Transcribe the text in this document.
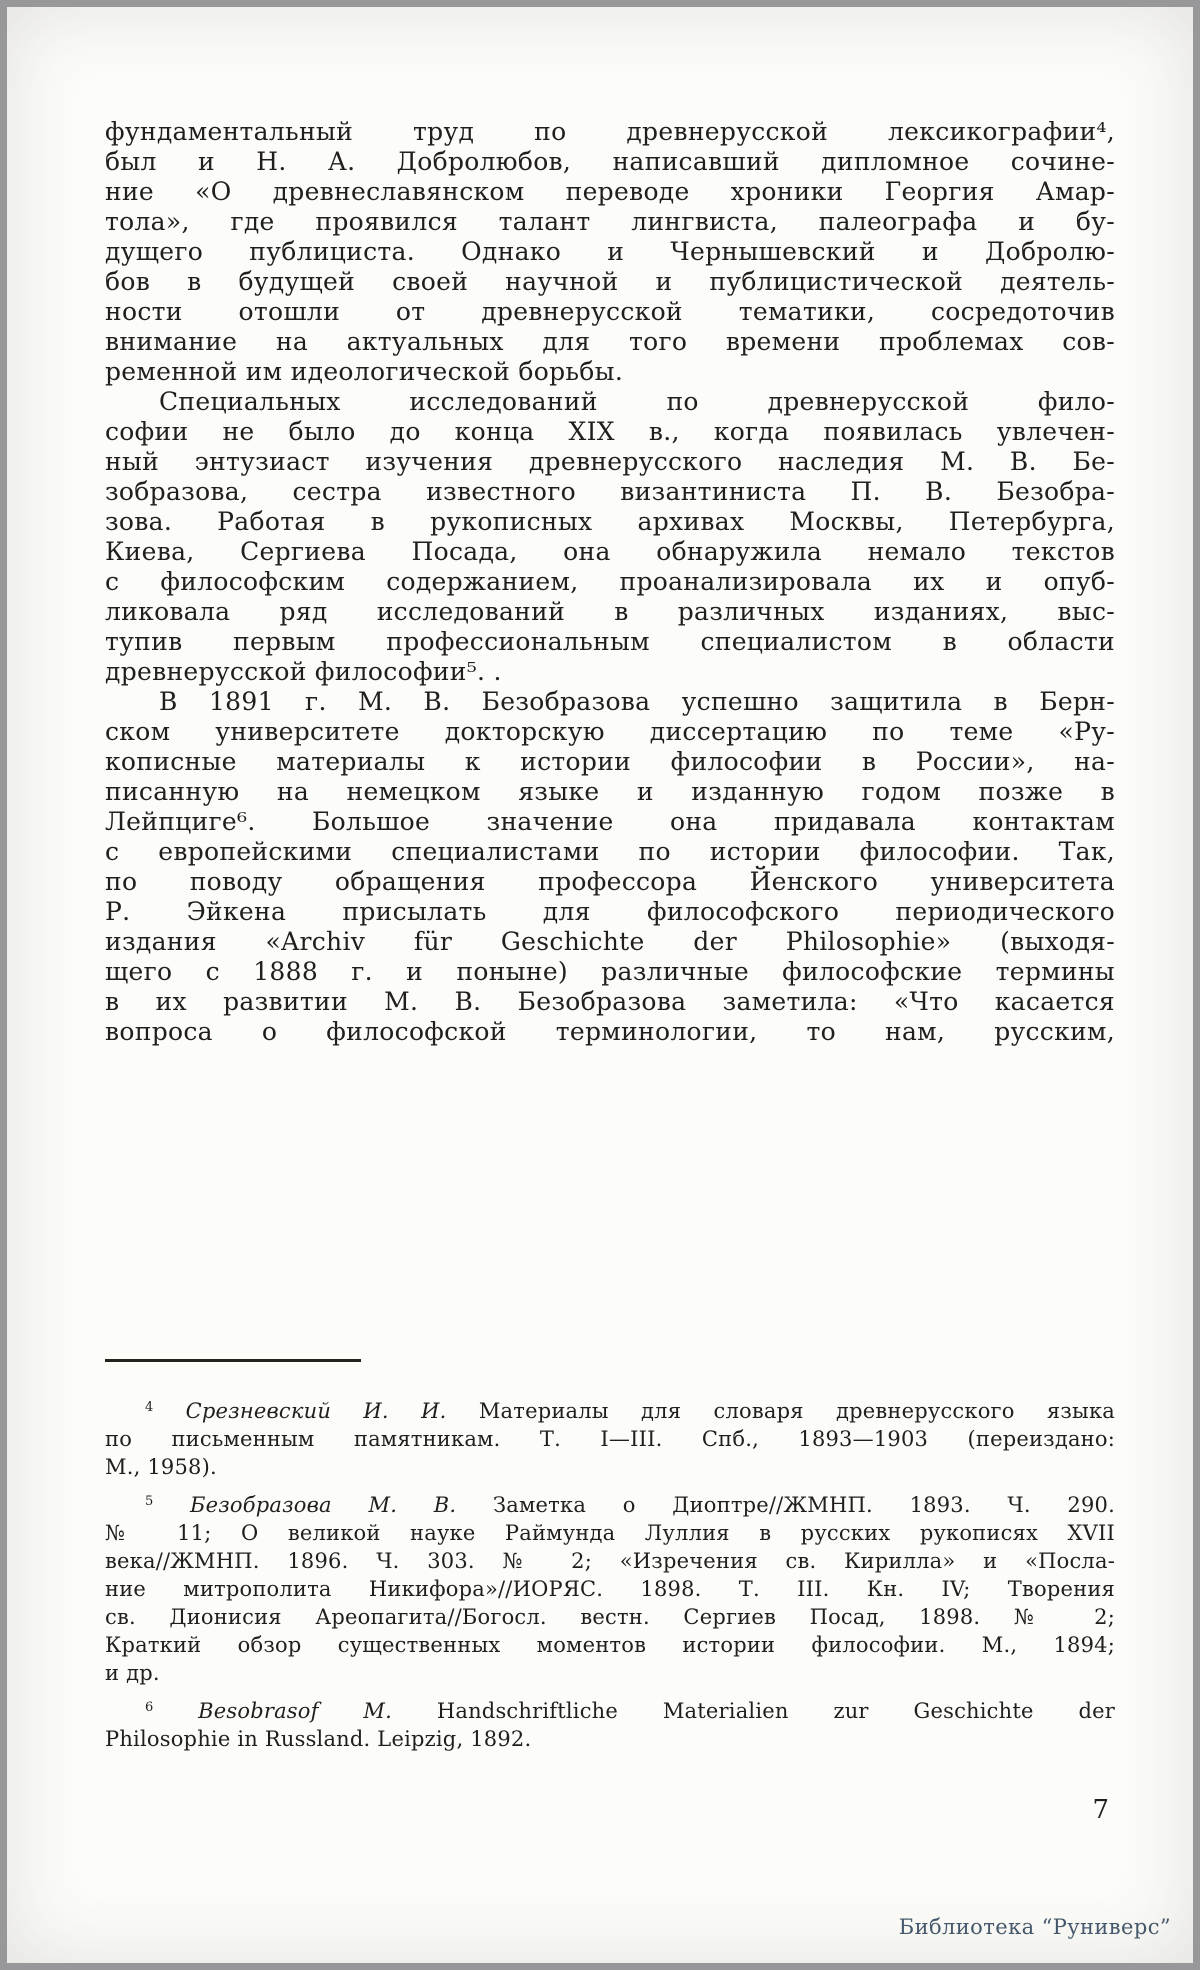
фундаментальный труд по древнерусской лексикографии⁴,
был и Н. А. Добролюбов, написавший дипломное сочине-
ние «О древнеславянском переводе хроники Георгия Амар-
тола», где проявился талант лингвиста, палеографа и бу-
дущего публициста. Однако и Чернышевский и Добролю-
бов в будущей своей научной и публицистической деятель-
ности отошли от древнерусской тематики, сосредоточив
внимание на актуальных для того времени проблемах сов-
ременной им идеологической борьбы.
Специальных исследований по древнерусской фило-
софии не было до конца XIX в., когда появилась увлечен-
ный энтузиаст изучения древнерусского наследия М. В. Бе-
зобразова, сестра известного византиниста П. В. Безобра-
зова. Работая в рукописных архивах Москвы, Петербурга,
Киева, Сергиева Посада, она обнаружила немало текстов
с философским содержанием, проанализировала их и опуб-
ликовала ряд исследований в различных изданиях, выс-
тупив первым профессиональным специалистом в области
древнерусской философии⁵. .
В 1891 г. М. В. Безобразова успешно защитила в Берн-
ском университете докторскую диссертацию по теме «Ру-
кописные материалы к истории философии в России», на-
писанную на немецком языке и изданную годом позже в
Лейпциге⁶. Большое значение она придавала контактам
с европейскими специалистами по истории философии. Так,
по поводу обращения профессора Йенского университета
Р. Эйкена присылать для философского периодического
издания «Archiv für Geschichte der Philosophie» (выходя-
щего с 1888 г. и поныне) различные философские термины
в их развитии М. В. Безобразова заметила: «Что касается
вопроса о философской терминологии, то нам, русским,
$^4$ Срезневский И. И. Материалы для словаря древнерусского языка
по письменным памятникам. Т. I—III. Спб., 1893—1903 (переиздано:
М., 1958).
$^5$ Безобразова М. В. Заметка о Диоптре//ЖМНП. 1893. Ч. 290.
№ 11; О великой науке Раймунда Луллия в русских рукописях XVII
века//ЖМНП. 1896. Ч. 303. № 2; «Изречения св. Кирилла» и «Посла-
ние митрополита Никифора»//ИОРЯС. 1898. Т. III. Кн. IV; Творения
св. Дионисия Ареопагита//Богосл. вестн. Сергиев Посад, 1898. № 2;
Краткий обзор существенных моментов истории философии. М., 1894;
и др.
$^6$ Besobrasof М. Handschriftliche Materialien zur Geschichte der
Philosophie in Russland. Leipzig, 1892.
7
Библиотека “Руниверс”
